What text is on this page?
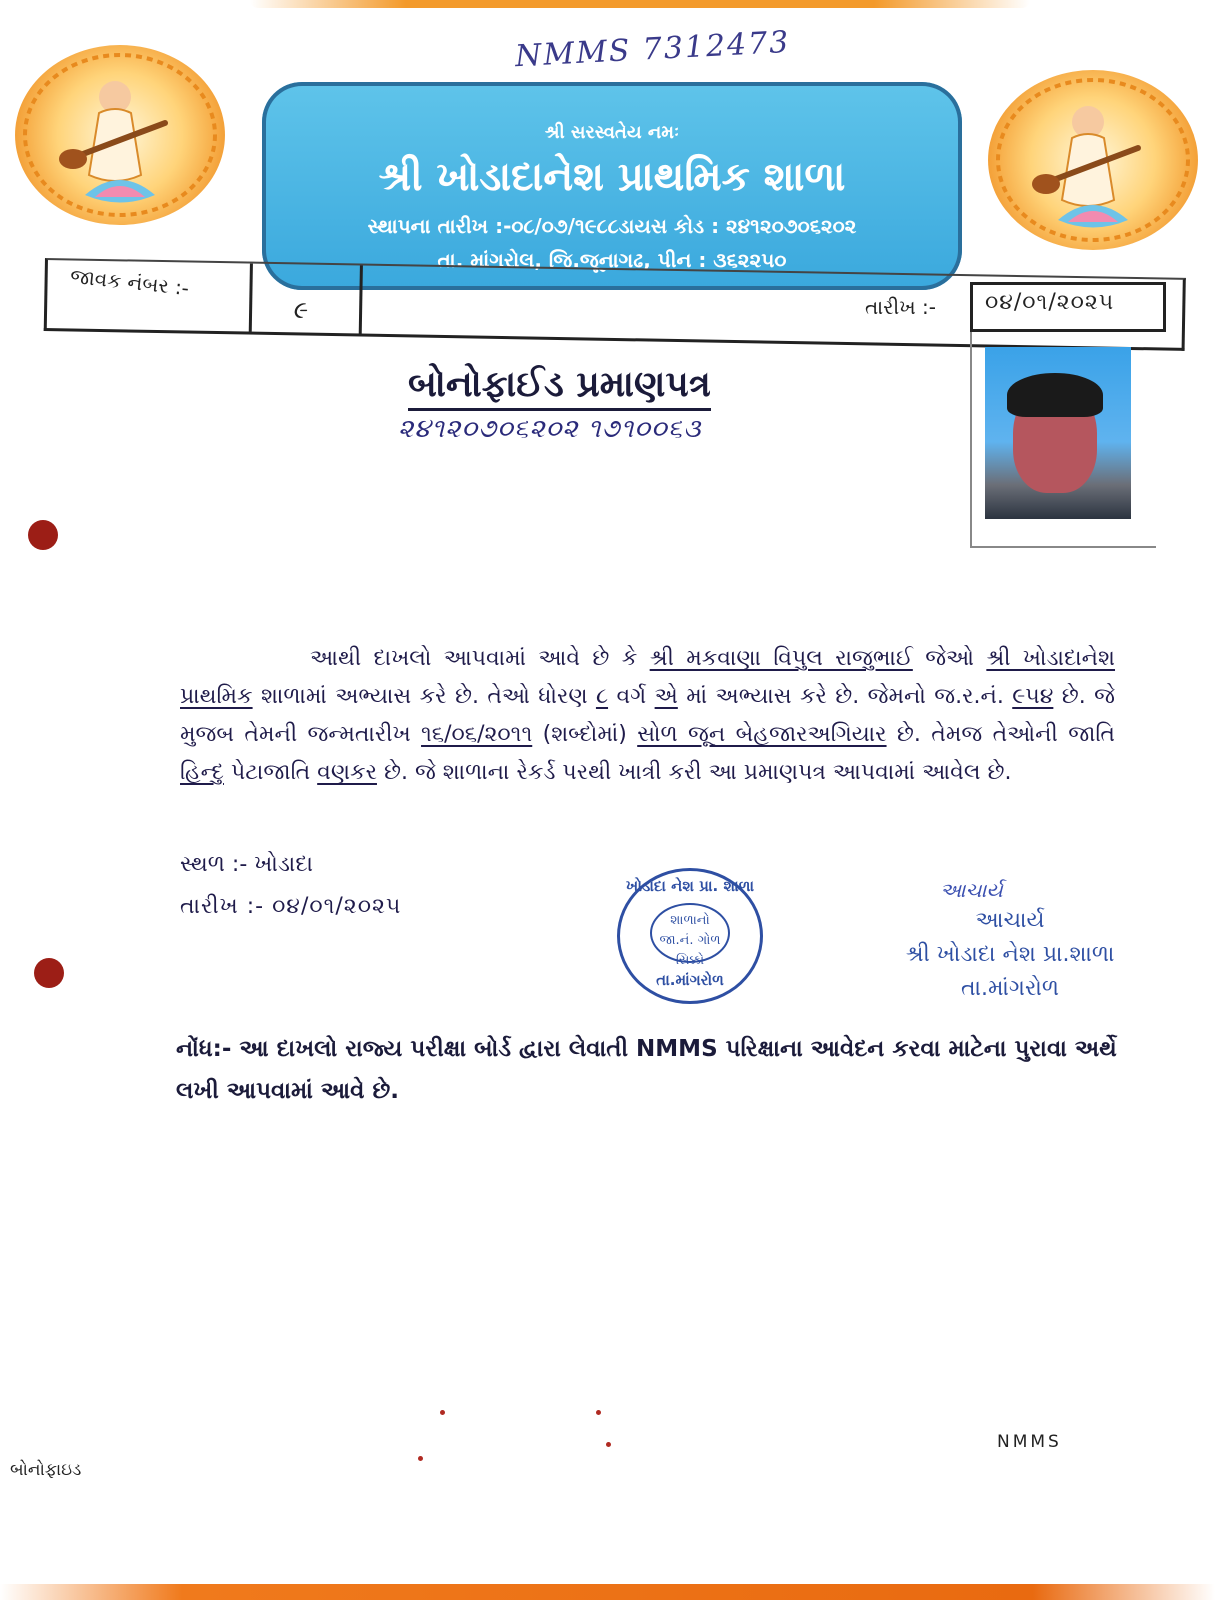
NMMS 7312473
શ્રી સરસ્વતેય નમઃ
શ્રી ખોડાદાનેશ પ્રાથમિક શાળા
સ્થાપના તારીખ :-૦૮/૦૭/૧૯૮૮ડાયસ કોડ : ૨૪૧૨૦૭૦૬૨૦૨
તા. માંગરોલ, જિ.જૂનાગઢ, પીન : ૩૬૨૨૫૦
જાવક નંબર :-
૯	તારીખ :- ૦૪/૦૧/૨૦૨૫
બોનોફાઈડ પ્રમાણપત્ર
૨૪૧૨૦૭૦૬૨૦૨ ૧૭૧૦૦૬૩
આથી દાખલો આપવામાં આવે છે કે શ્રી મકવાણા વિપુલ રાજુભાઈ જેઓ શ્રી ખોડાદાનેશ પ્રાથમિક શાળામાં અભ્યાસ કરે છે. તેઓ ધોરણ ૮ વર્ગ એ માં અભ્યાસ કરે છે. જેમનો જ.ર.નં. ૯૫૪ છે. જે મુજબ તેમની જન્મતારીખ ૧૬/૦૬/૨૦૧૧ (શબ્દોમાં) સોળ જૂન બેહજારઅગિયાર છે. તેમજ તેઓની જાતિ હિન્દુ પેટાજાતિ વણકર છે. જે શાળાના રેકર્ડ પરથી ખાત્રી કરી આ પ્રમાણપત્ર આપવામાં આવેલ છે.
સ્થળ :- ખોડાદા
તારીખ :- ૦૪/૦૧/૨૦૨૫
ખોડાદા નેશ પ્રા. શાળા
શાળાનો જા.નં. ગોળ સિક્કો
તા.માંગરોળ
આચાર્ય
આચાર્ય
શ્રી ખોડાદા નેશ પ્રા.શાળા
તા.માંગરોળ
નોંધ:- આ દાખલો રાજ્ય પરીક્ષા બોર્ડ દ્વારા લેવાતી NMMS પરિક્ષાના આવેદન કરવા માટેના પુરાવા અર્થે લખી આપવામાં આવે છે.
NMMS
બોનોફાઇડ
